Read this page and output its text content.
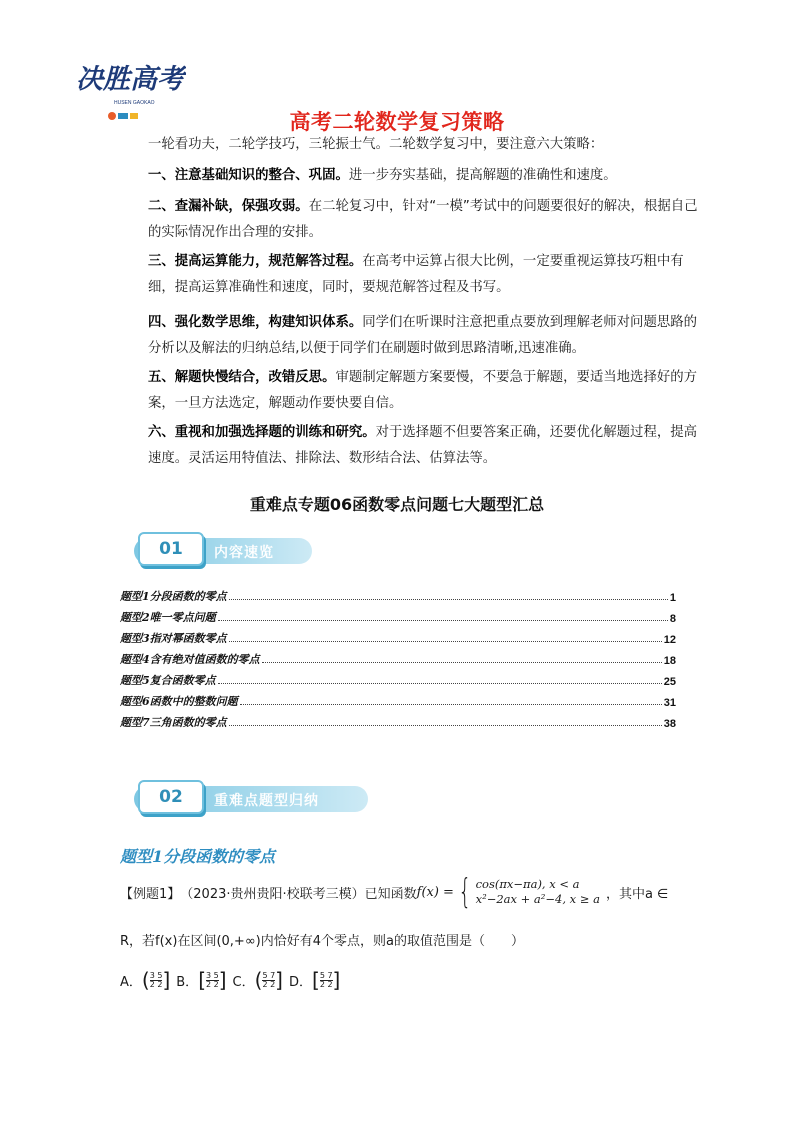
决胜高考
HUSEN GAOKAO
高考二轮数学复习策略
一轮看功夫，二轮学技巧，三轮振士气。二轮数学复习中，要注意六大策略：
一、注意基础知识的整合、巩固。进一步夯实基础，提高解题的准确性和速度。
二、查漏补缺，保强攻弱。在二轮复习中，针对“一模”考试中的问题要很好的解决，根据自己的实际情况作出合理的安排。
三、提高运算能力，规范解答过程。在高考中运算占很大比例，一定要重视运算技巧粗中有细，提高运算准确性和速度，同时，要规范解答过程及书写。
四、强化数学思维，构建知识体系。同学们在听课时注意把重点要放到理解老师对问题思路的分析以及解法的归纳总结,以便于同学们在刷题时做到思路清晰,迅速准确。
五、解题快慢结合，改错反思。审题制定解题方案要慢，不要急于解题，要适当地选择好的方案，一旦方法选定，解题动作要快要自信。
六、重视和加强选择题的训练和研究。对于选择题不但要答案正确，还要优化解题过程，提高速度。灵活运用特值法、排除法、数形结合法、估算法等。
重难点专题06函数零点问题七大题型汇总
01	内容速览
题型1分段函数的零点	1
题型2唯一零点问题	8
题型3指对幂函数零点	12
题型4含有绝对值函数的零点	18
题型5复合函数零点	25
题型6函数中的整数问题	31
题型7三角函数的零点	38
02	重难点题型归纳
题型1分段函数的零点
【例题1】 （2023·贵州贵阳·校联考三模）已知函数 f(x) = { cos(πx−πa), x < a
x²−2ax + a²−4, x ≥ a ，其中a ∈
R，若f(x)在区间(0,+∞)内恰好有4个零点，则a的取值范围是（　　）
A． ( $\frac{3 5}{2 2}$ ] B． [ $\frac{3 5}{2 2}$ ] C． ( $\frac{5 7}{2 2}$ ] D． [ $\frac{5 7}{2 2}$ ]
